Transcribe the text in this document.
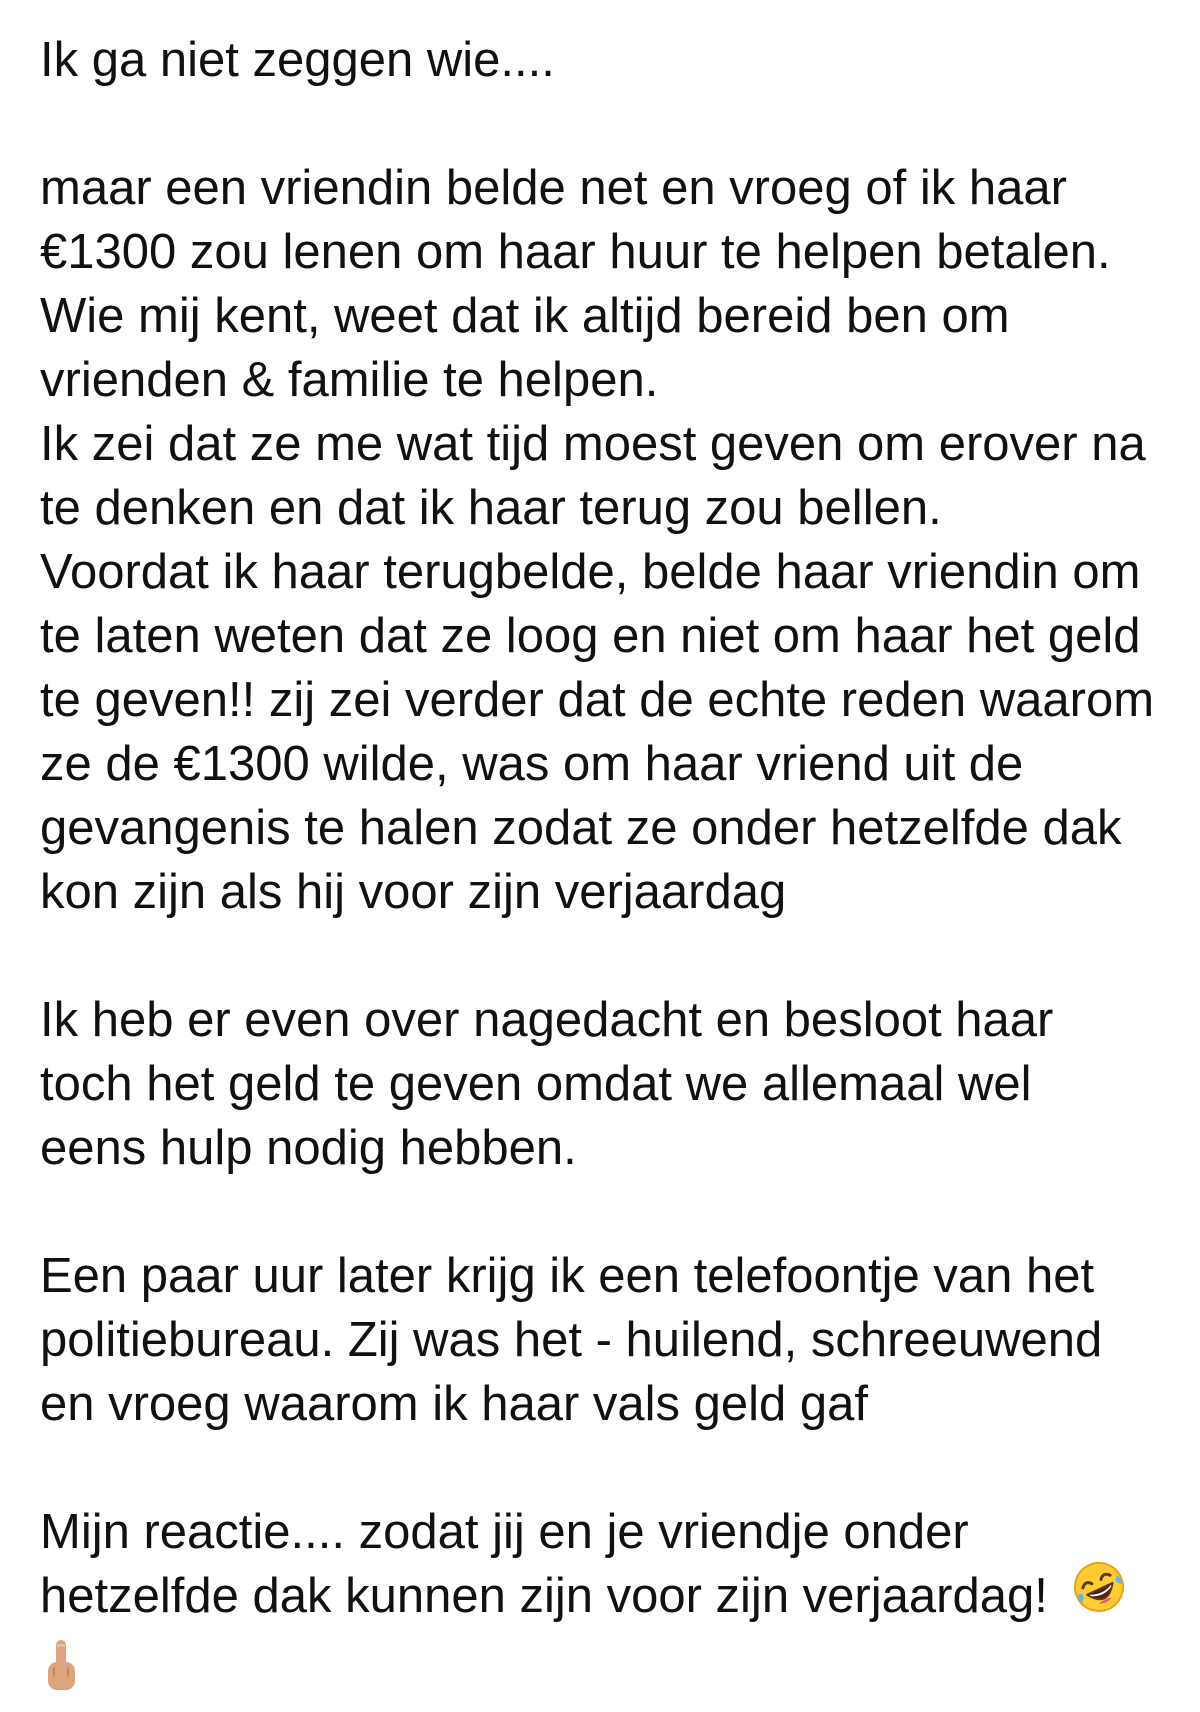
Ik ga niet zeggen wie....

maar een vriendin belde net en vroeg of ik haar
€1300 zou lenen om haar huur te helpen betalen.
Wie mij kent, weet dat ik altijd bereid ben om
vrienden & familie te helpen.
Ik zei dat ze me wat tijd moest geven om erover na
te denken en dat ik haar terug zou bellen.
Voordat ik haar terugbelde, belde haar vriendin om
te laten weten dat ze loog en niet om haar het geld
te geven!! zij zei verder dat de echte reden waarom
ze de €1300 wilde, was om haar vriend uit de
gevangenis te halen zodat ze onder hetzelfde dak
kon zijn als hij voor zijn verjaardag

Ik heb er even over nagedacht en besloot haar
toch het geld te geven omdat we allemaal wel
eens hulp nodig hebben.

Een paar uur later krijg ik een telefoontje van het
politiebureau. Zij was het - huilend, schreeuwend
en vroeg waarom ik haar vals geld gaf

Mijn reactie.... zodat jij en je vriendje onder
hetzelfde dak kunnen zijn voor zijn verjaardag!
